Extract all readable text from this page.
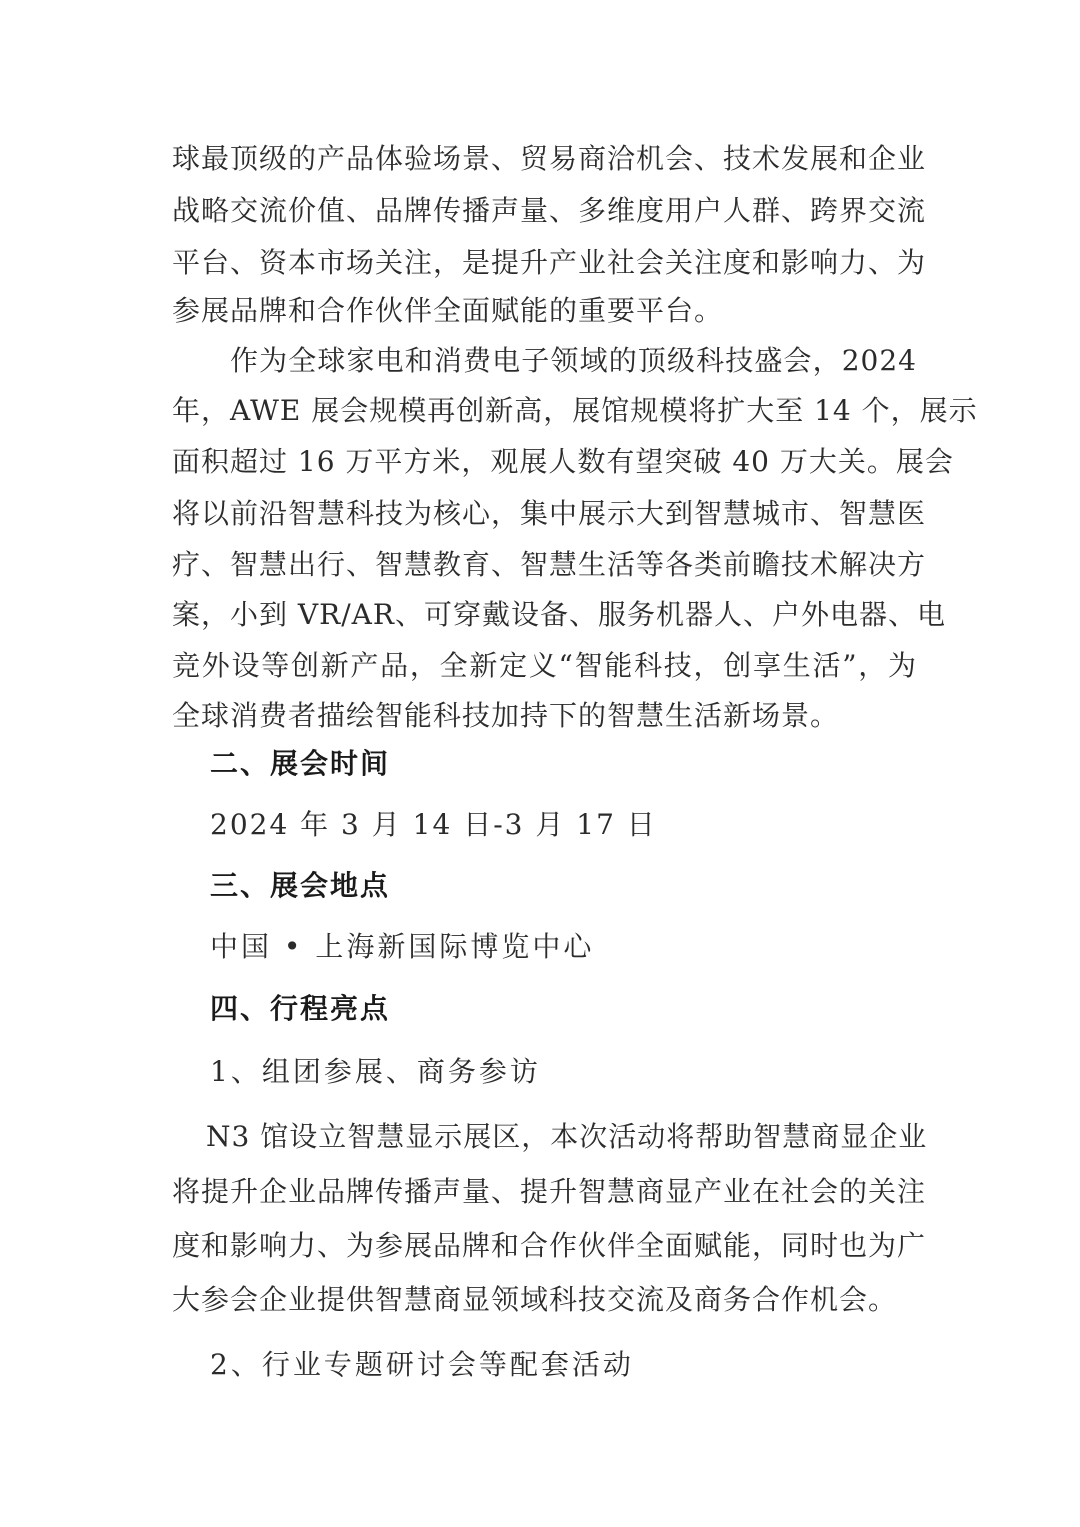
球最顶级的产品体验场景、贸易商洽机会、技术发展和企业
战略交流价值、品牌传播声量、多维度用户人群、跨界交流
平台、资本市场关注，是提升产业社会关注度和影响力、为
参展品牌和合作伙伴全面赋能的重要平台。
作为全球家电和消费电子领域的顶级科技盛会，2024
年，AWE 展会规模再创新高，展馆规模将扩大至 14 个，展示
面积超过 16 万平方米，观展人数有望突破 40 万大关。展会
将以前沿智慧科技为核心，集中展示大到智慧城市、智慧医
疗、智慧出行、智慧教育、智慧生活等各类前瞻技术解决方
案，小到 VR/AR、可穿戴设备、服务机器人、户外电器、电
竞外设等创新产品，全新定义“智能科技，创享生活”，为
全球消费者描绘智能科技加持下的智慧生活新场景。
二、展会时间
2024 年 3 月 14 日-3 月 17 日
三、展会地点
中国 • 上海新国际博览中心
四、行程亮点
1、组团参展、商务参访
N3 馆设立智慧显示展区，本次活动将帮助智慧商显企业
将提升企业品牌传播声量、提升智慧商显产业在社会的关注
度和影响力、为参展品牌和合作伙伴全面赋能，同时也为广
大参会企业提供智慧商显领域科技交流及商务合作机会。
2、行业专题研讨会等配套活动
